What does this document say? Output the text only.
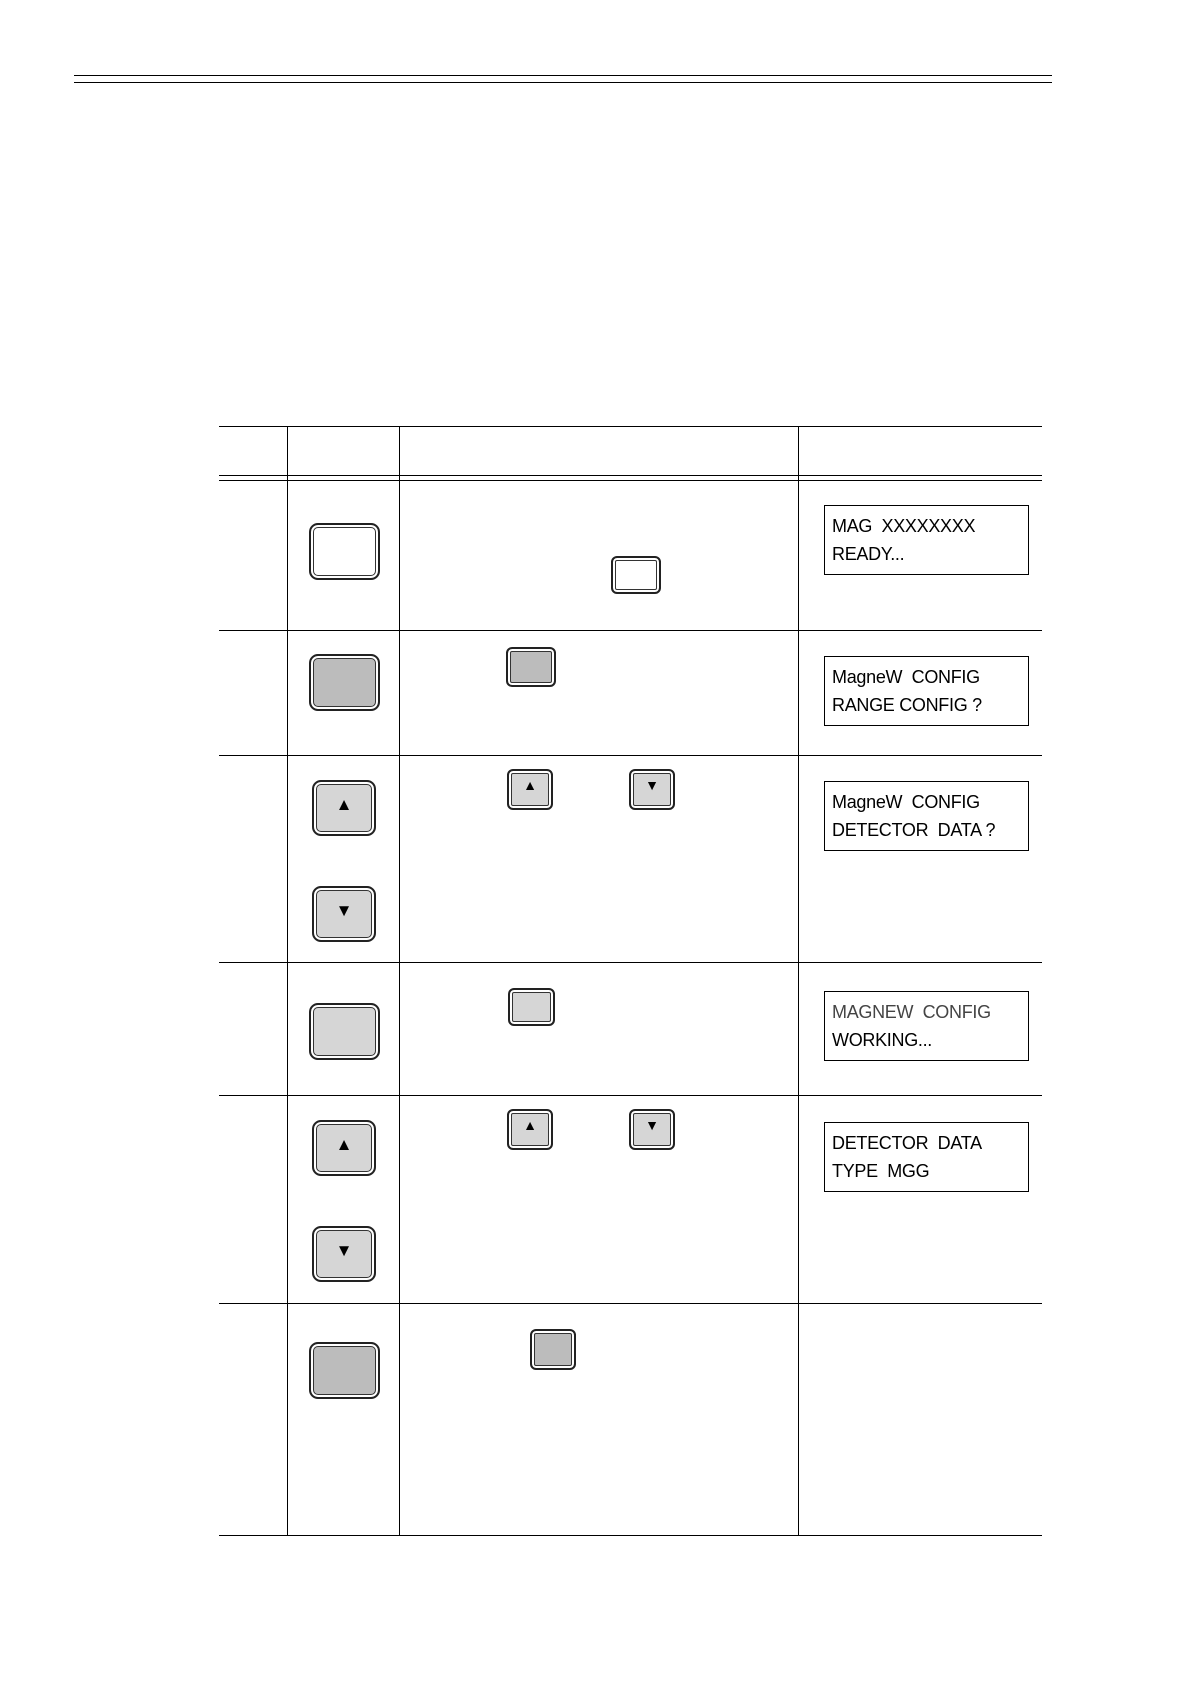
MAG  XXXXXXXX
READY...
MagneW  CONFIG
RANGE CONFIG ?
▲
▼
▲	▼
MagneW  CONFIG
DETECTOR  DATA ?
MAGNEW  CONFIG
WORKING...
▲
▼
▲	▼
DETECTOR  DATA
TYPE  MGG
